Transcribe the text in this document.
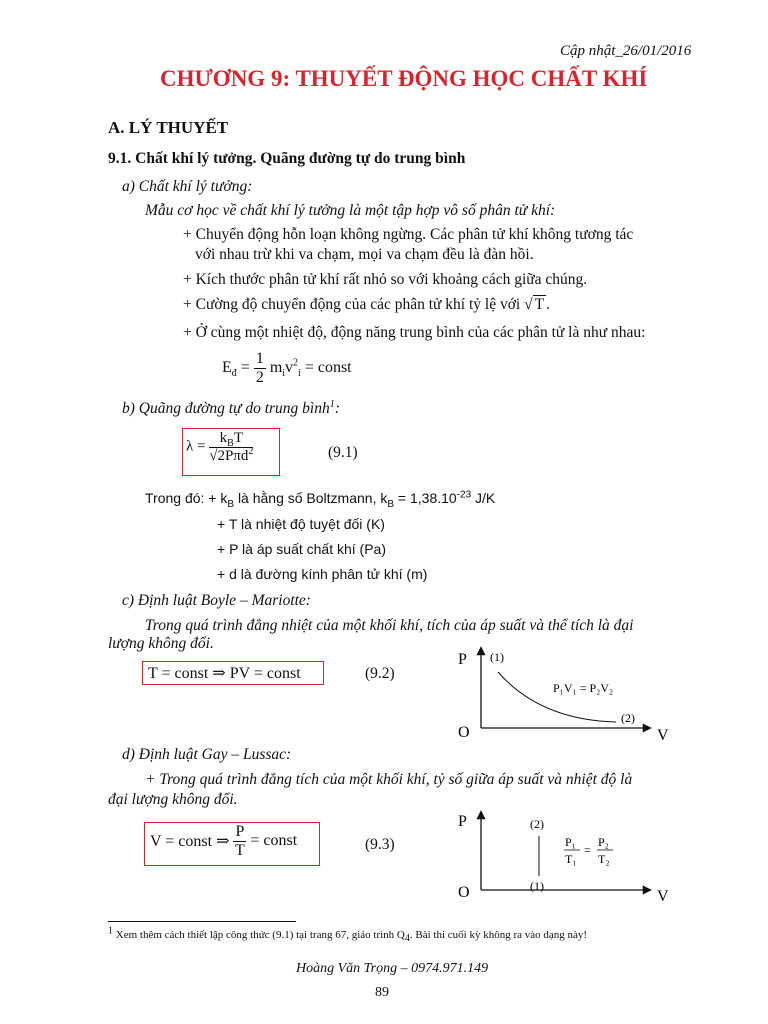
Cập nhật_26/01/2016
CHƯƠNG 9: THUYẾT ĐỘNG HỌC CHẤT KHÍ
A. LÝ THUYẾT
9.1. Chất khí lý tưởng. Quãng đường tự do trung bình
a) Chất khí lý tưởng:
Mẫu cơ học về chất khí lý tưởng là một tập hợp vô số phân tử khí:
+ Chuyển động hỗn loạn không ngừng. Các phân tử khí không tương tác
với nhau trừ khi va chạm, mọi va chạm đều là đàn hồi.
+ Kích thước phân tử khí rất nhỏ so với khoảng cách giữa chúng.
+ Cường độ chuyển động của các phân tử khí tỷ lệ với √ T .
+ Ở cùng một nhiệt độ, động năng trung bình của các phân tử là như nhau:
$E_đ = \frac{1}{2} m_iv^2_i$ = const
b) Quãng đường tự do trung bình$^1$:
$\lambda = \frac{k_BT}{√2P\pi d^2}$	(9.1)
Trong đó: + $k_B$ là hằng số Boltzmann, $k_B = 1,38.10^{-23}$ J/K
+ T là nhiệt độ tuyệt đối (K)
+ P là áp suất chất khí (Pa)
+ d là đường kính phân tử khí (m)
c) Định luật Boyle – Mariotte:
Trong quá trình đẳng nhiệt của một khối khí, tích của áp suất và thể tích là đại
lượng không đổi.
T = const ⇒ PV = const	(9.2)
P
V
O
(1)
(2)
P₁V₁ = P₂V₂
d) Định luật Gay – Lussac:
+ Trong quá trình đẳng tích của một khối khí, tỷ số giữa áp suất và nhiệt độ là
đại lượng không đổi.
V = const ⇒ $\frac{P}{T}$ = const	(9.3)
P
V
O
(2)
(1)
P₁
T₁
=
P₂
T₂
$^1$ Xem thêm cách thiết lập công thức (9.1) tại trang 67, giáo trình $Q_4$. Bài thi cuối kỳ không ra vào dạng này!
Hoàng Văn Trọng – 0974.971.149
89
